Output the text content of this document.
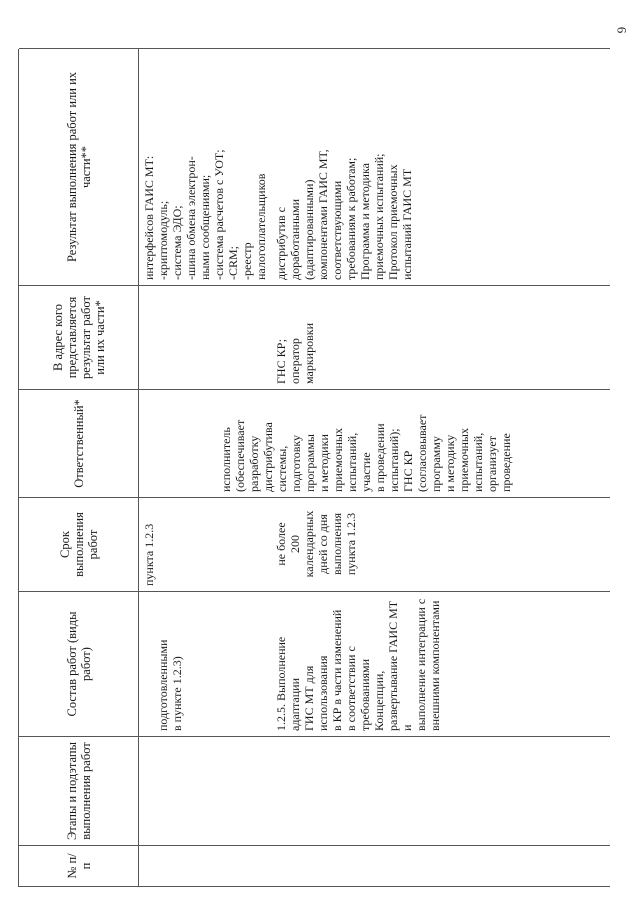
6
№ п/п
Этапы и подэтапы выполнения работ
Состав работ (виды работ)
Срок выполнения работ
Ответственный*
В адрес кого представляется результат работ или их части*
Результат выполнения работ или их части**

подготовленными в пункте 1.2.3)

пункта 1.2.3

интерфейсов ГАИС МТ: -криптомодуль; -система ЭДО; -шина обмена электрон- ными сообщениями; -система расчетов с УОТ; -CRM; -реестр налогоплательщиков

1.2.5. Выполнение адаптации ГИС МТ для использования в КР в части изменений в соответствии с требованиями Концепции, развертывание ГАИС МТ и выполнение интеграции с внешними компонентами

не более 200 календарных дней со дня выполнения пункта 1.2.3

исполнитель (обеспечивает разработку дистрибутива системы, подготовку программы и методики приемочных испытаний, участие в проведении испытаний); ГНС КР (согласовывает программу и методику приемочных испытаний, организует проведение

ГНС КР; оператор маркировки

дистрибутив с доработанными (адаптированными) компонентами ГАИС МТ, соответствующими требованиям к работам; Программа и методика приемочных испытаний; Протокол приемочных испытаний ГАИС МТ
